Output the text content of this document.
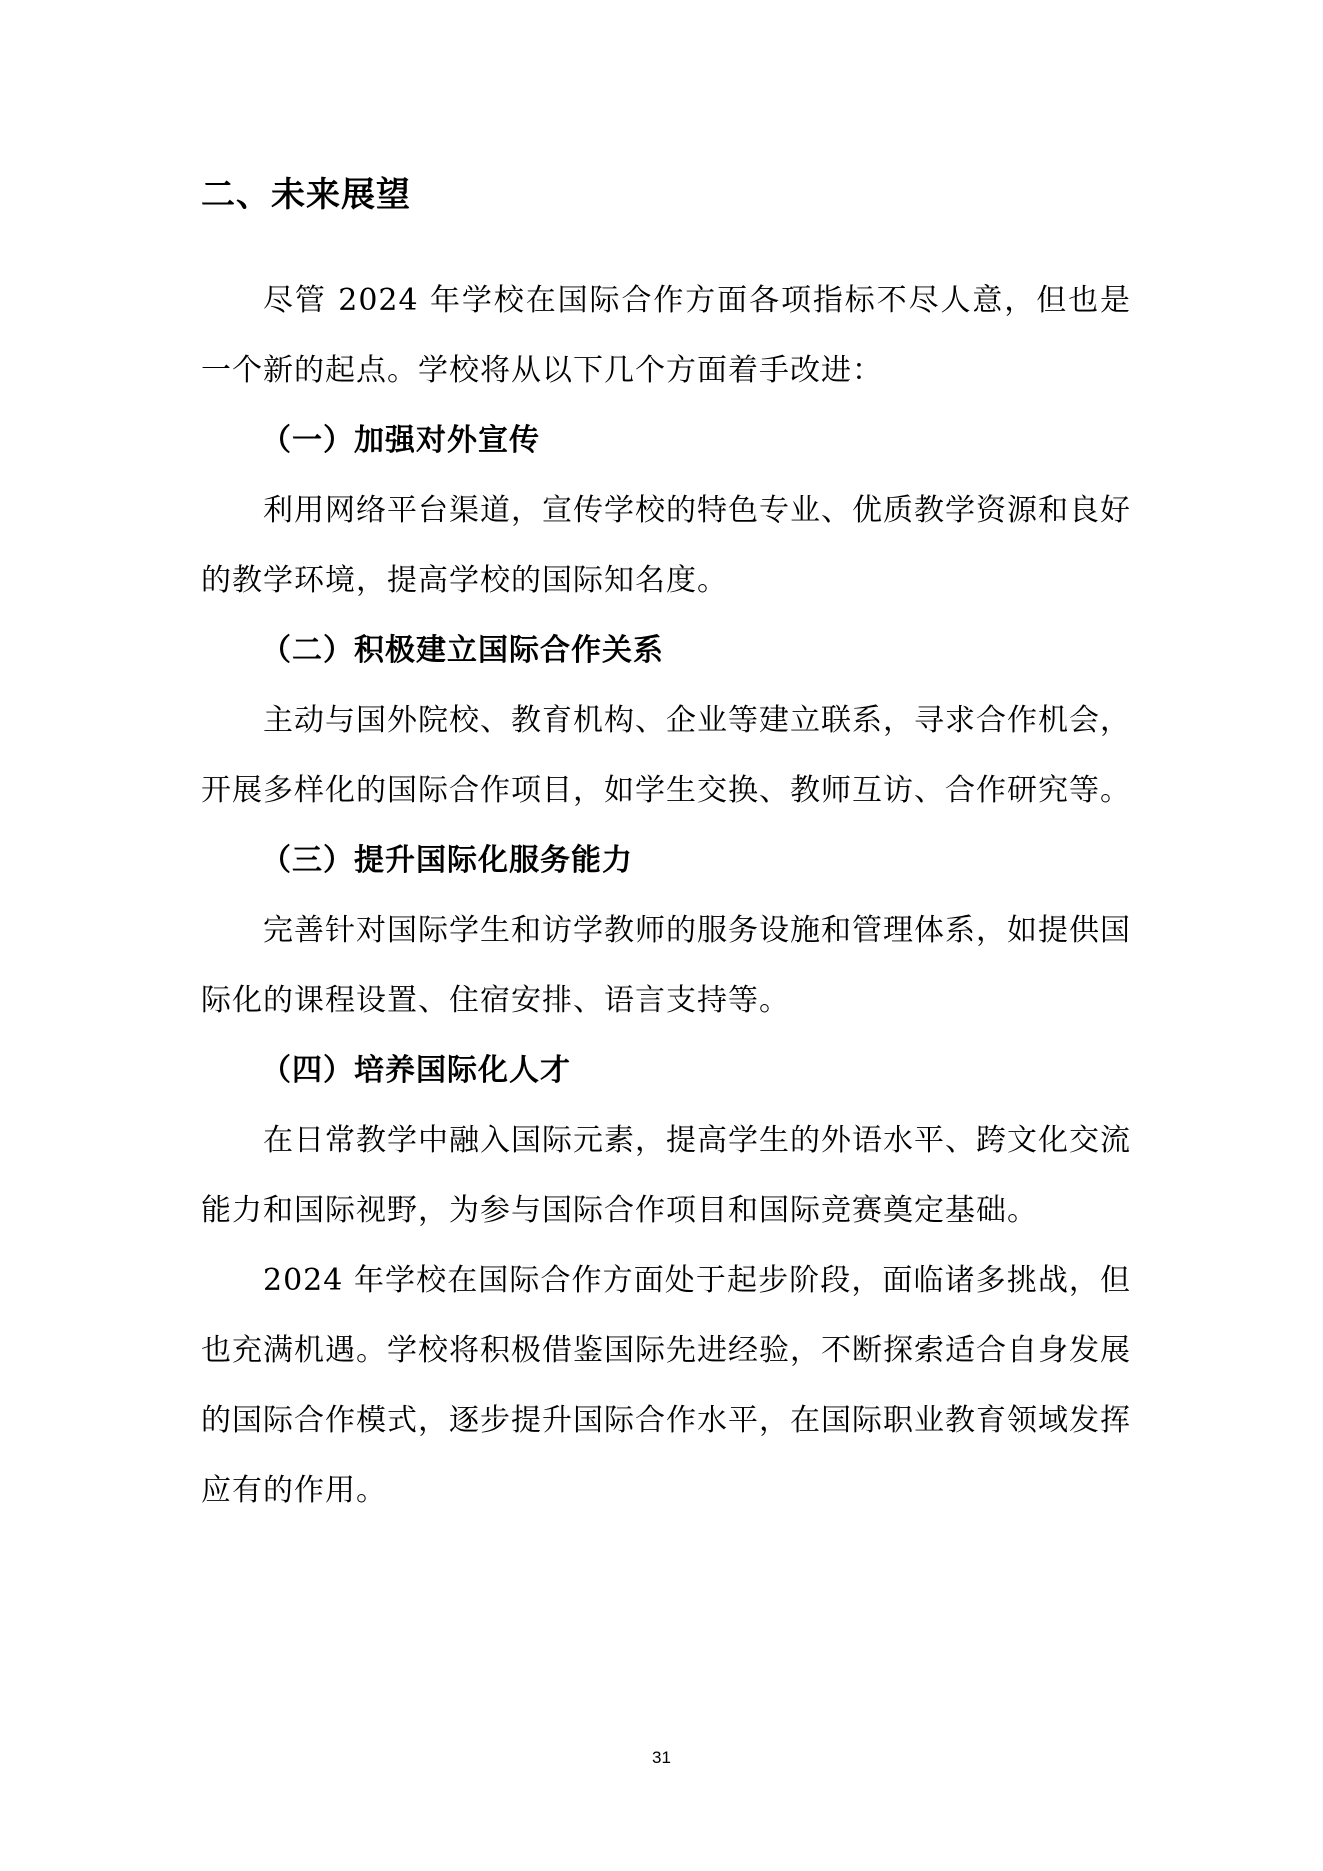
二、未来展望

尽管 2024 年学校在国际合作方面各项指标不尽人意，但也是一个新的起点。学校将从以下几个方面着手改进：

（一）加强对外宣传

利用网络平台渠道，宣传学校的特色专业、优质教学资源和良好的教学环境，提高学校的国际知名度。

（二）积极建立国际合作关系

主动与国外院校、教育机构、企业等建立联系，寻求合作机会，开展多样化的国际合作项目，如学生交换、教师互访、合作研究等。

（三）提升国际化服务能力

完善针对国际学生和访学教师的服务设施和管理体系，如提供国际化的课程设置、住宿安排、语言支持等。

（四）培养国际化人才

在日常教学中融入国际元素，提高学生的外语水平、跨文化交流能力和国际视野，为参与国际合作项目和国际竞赛奠定基础。

2024 年学校在国际合作方面处于起步阶段，面临诸多挑战，但也充满机遇。学校将积极借鉴国际先进经验，不断探索适合自身发展的国际合作模式，逐步提升国际合作水平，在国际职业教育领域发挥应有的作用。

31
